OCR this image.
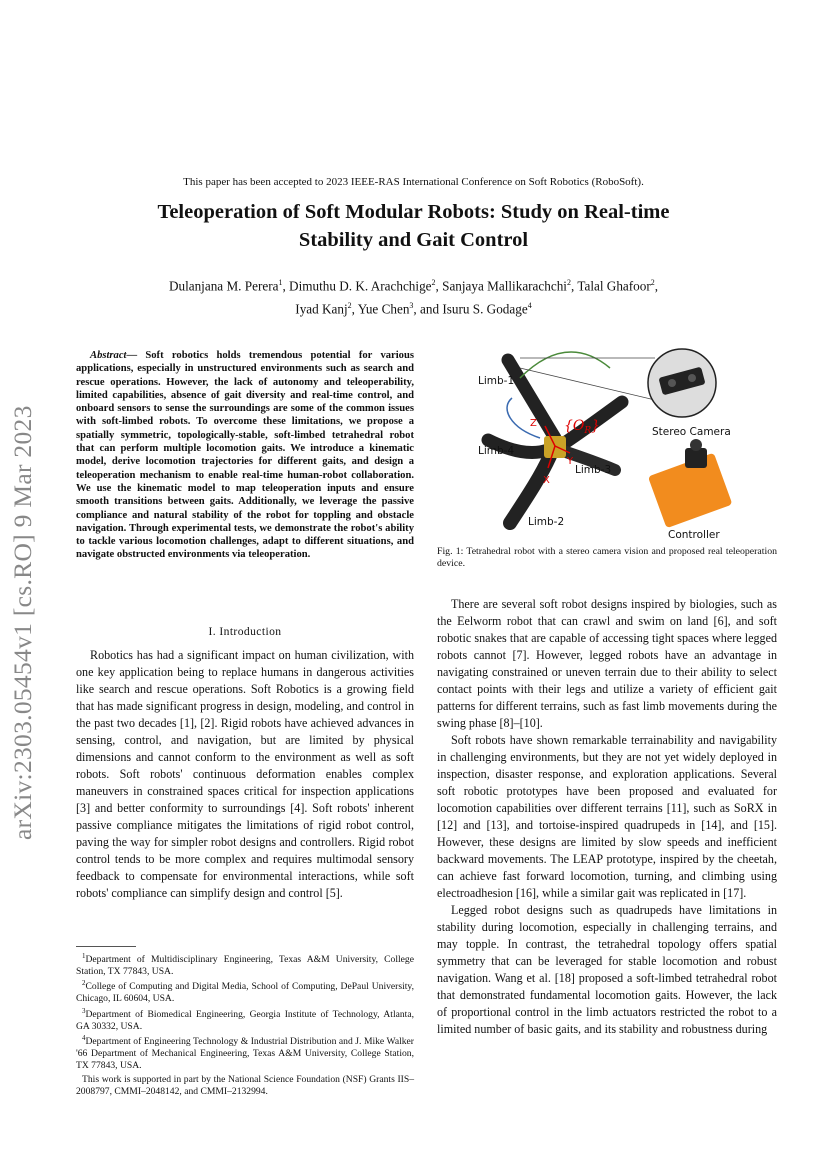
arXiv:2303.05454v1 [cs.RO] 9 Mar 2023
This paper has been accepted to 2023 IEEE-RAS International Conference on Soft Robotics (RoboSoft).
Teleoperation of Soft Modular Robots: Study on Real-time
Stability and Gait Control
Dulanjana M. Perera$^1$, Dimuthu D. K. Arachchige$^2$, Sanjaya Mallikarachchi$^2$, Talal Ghafoor$^2$,
Iyad Kanj$^2$, Yue Chen$^3$, and Isuru S. Godage$^4$

Abstract— Soft robotics holds tremendous potential for various applications, especially in unstructured environments such as search and rescue operations. However, the lack of autonomy and teleoperability, limited capabilities, absence of gait diversity and real-time control, and onboard sensors to sense the surroundings are some of the common issues with soft-limbed robots. To overcome these limitations, we propose a spatially symmetric, topologically-stable, soft-limbed tetrahedral robot that can perform multiple locomotion gaits. We introduce a kinematic model, derive locomotion trajectories for different gaits, and design a teleoperation mechanism to enable real-time human-robot collaboration. We use the kinematic model to map teleoperation inputs and ensure smooth transitions between gaits. Additionally, we leverage the passive compliance and natural stability of the robot for toppling and obstacle navigation. Through experimental tests, we demonstrate the robot's ability to tackle various locomotion challenges, adapt to different situations, and navigate obstructed environments via teleoperation.

I. Introduction

Robotics has had a significant impact on human civilization, with one key application being to replace humans in dangerous activities like search and rescue operations. Soft Robotics is a growing field that has made significant progress in design, modeling, and control in the past two decades [1], [2]. Rigid robots have achieved advances in sensing, control, and navigation, but are limited by physical dimensions and cannot conform to the environment as well as soft robots. Soft robots' continuous deformation enables complex maneuvers in constrained spaces critical for inspection applications [3] and better conformity to surroundings [4]. Soft robots' inherent passive compliance mitigates the limitations of rigid robot control, paving the way for simpler robot designs and controllers. Rigid robot control tends to be more complex and requires multimodal sensory feedback to compensate for environmental interactions, while soft robots' compliance can simplify design and control [5].

$^1$Department of Multidisciplinary Engineering, Texas A&M University, College Station, TX 77843, USA.

$^2$College of Computing and Digital Media, School of Computing, DePaul University, Chicago, IL 60604, USA.

$^3$Department of Biomedical Engineering, Georgia Institute of Technology, Atlanta, GA 30332, USA.

$^4$Department of Engineering Technology & Industrial Distribution and J. Mike Walker '66 Department of Mechanical Engineering, Texas A&M University, College Station, TX 77843, USA.

This work is supported in part by the National Science Foundation (NSF) Grants IIS–2008797, CMMI–2048142, and CMMI–2132994.

Limb-1
Limb-4
Limb-3
Limb-2
Stereo Camera
Controller
Z
X
Y
$\{O_R\}$
Fig. 1: Tetrahedral robot with a stereo camera vision and proposed real teleoperation device.

There are several soft robot designs inspired by biologies, such as the Eelworm robot that can crawl and swim on land [6], and soft robotic snakes that are capable of accessing tight spaces where legged robots cannot [7]. However, legged robots have an advantage in navigating constrained or uneven terrain due to their ability to select contact points with their legs and utilize a variety of efficient gait patterns for different terrains, such as fast limb movements during the swing phase [8]–[10].

Soft robots have shown remarkable terrainability and navigability in challenging environments, but they are not yet widely deployed in inspection, disaster response, and exploration applications. Several soft robotic prototypes have been proposed and evaluated for locomotion capabilities over different terrains [11], such as SoRX in [12] and [13], and tortoise-inspired quadrupeds in [14], and [15]. However, these designs are limited by slow speeds and inefficient backward movements. The LEAP prototype, inspired by the cheetah, can achieve fast forward locomotion, turning, and climbing using electroadhesion [16], while a similar gait was replicated in [17].

Legged robot designs such as quadrupeds have limitations in stability during locomotion, especially in challenging terrains, and may topple. In contrast, the tetrahedral topology offers spatial symmetry that can be leveraged for stable locomotion and robust navigation. Wang et al. [18] proposed a soft-limbed tetrahedral robot that demonstrated fundamental locomotion gaits. However, the lack of proportional control in the limb actuators restricted the robot to a limited number of basic gaits, and its stability and robustness during
